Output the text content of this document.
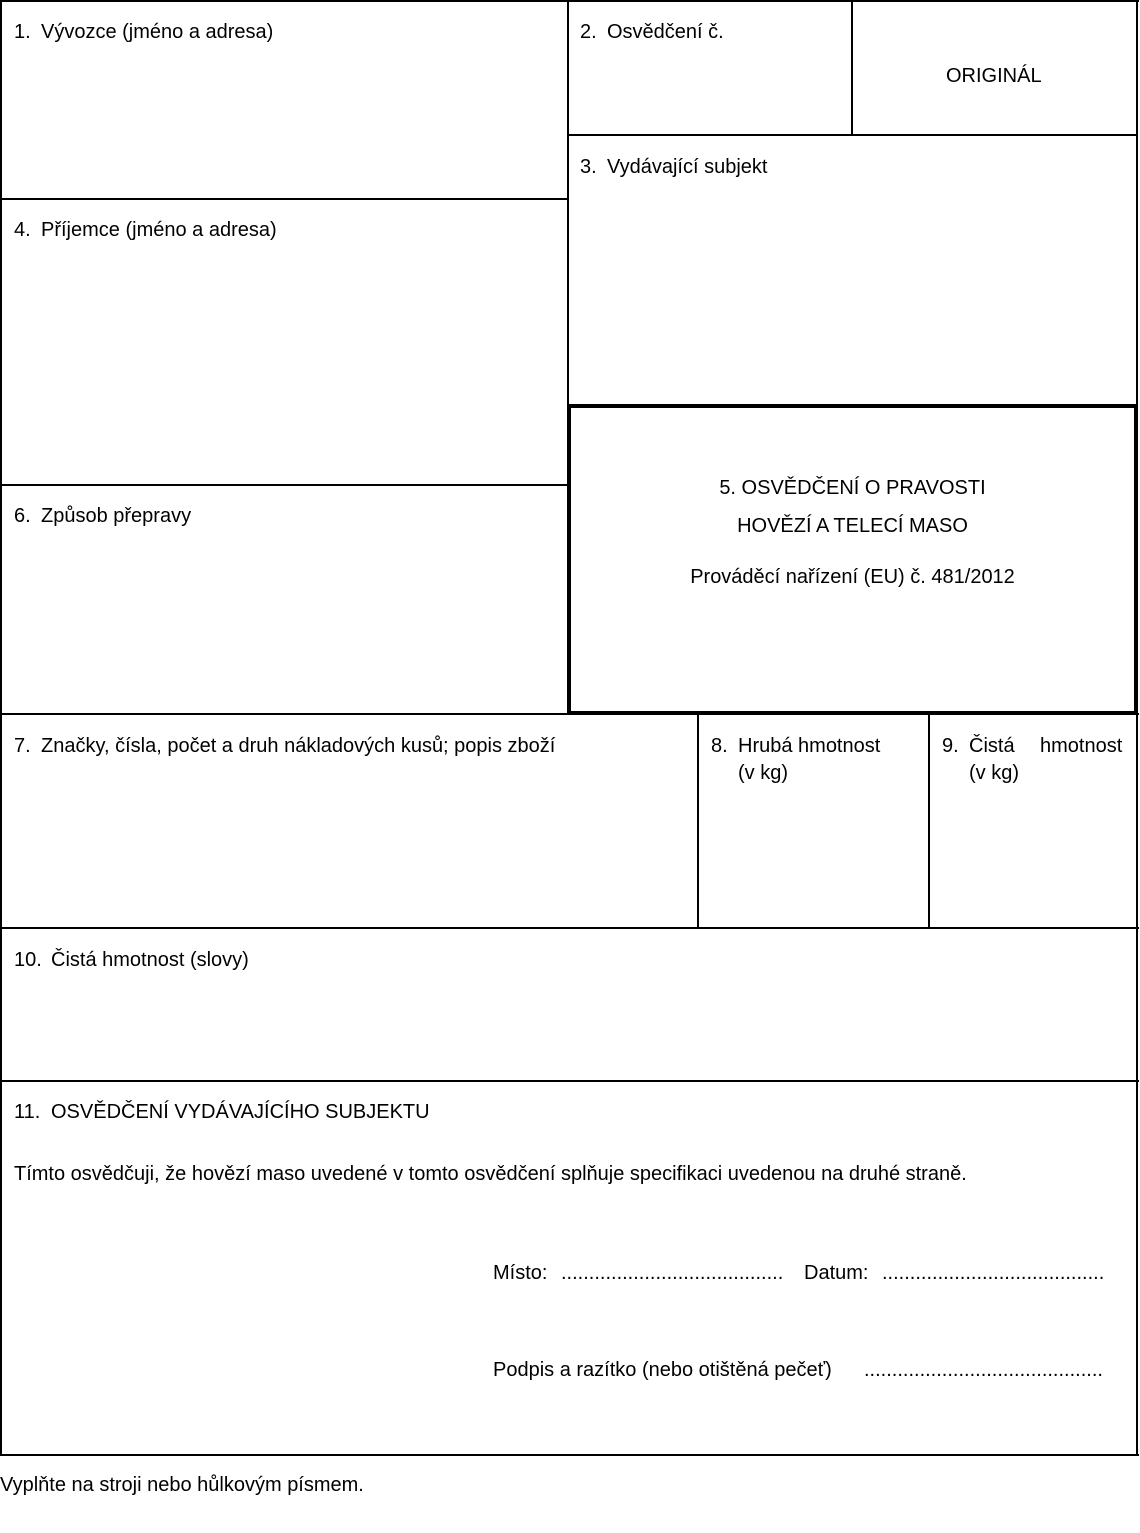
1. Vývozce (jméno a adresa)	2. Osvědčení č.
ORIGINÁL
3. Vydávající subjekt
4. Příjemce (jméno a adresa)
5. OSVĚDČENÍ O PRAVOSTI
HOVĚZÍ A TELECÍ MASO
Prováděcí nařízení (EU) č. 481/2012
6. Způsob přepravy
7. Značky, čísla, počet a druh nákladových kusů; popis zboží	8. Hrubá hmotnost
(v kg)
9. Čistá hmotnost
(v kg)
10. Čistá hmotnost (slovy)
11. OSVĚDČENÍ VYDÁVAJÍCÍHO SUBJEKTU
Tímto osvědčuji, že hovězí maso uvedené v tomto osvědčení splňuje specifikaci uvedenou na druhé straně.
Místo: ........................................ Datum: ........................................
Podpis a razítko (nebo otištěná pečeť) ...........................................
Vyplňte na stroji nebo hůlkovým písmem.
